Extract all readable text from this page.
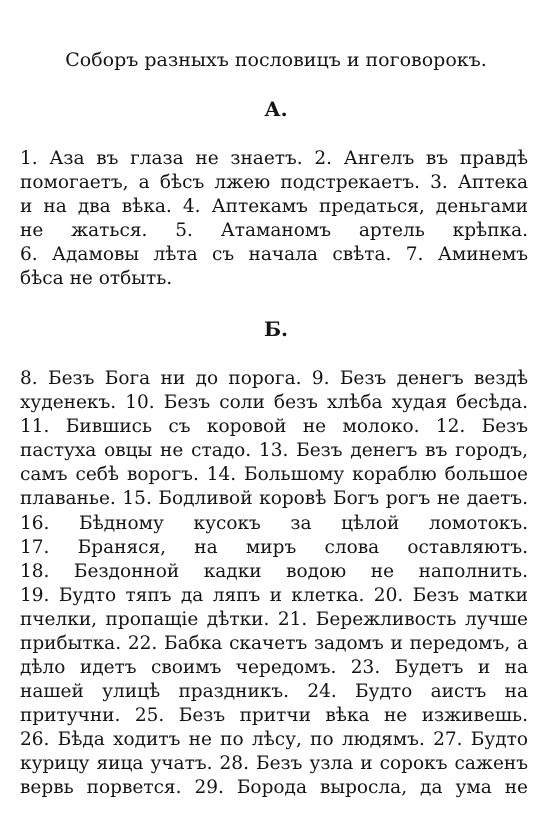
Соборъ разныхъ пословицъ и поговорокъ.
А.
1. Аза въ глаза не знаетъ. 2. Ангелъ въ правдѣ
помогаетъ, а бѣсъ лжею подстрекаетъ. 3. Аптека
и на два вѣка. 4. Аптекамъ предаться, деньгами
не жаться. 5. Атаманомъ артель крѣпка.
6. Адамовы лѣта съ начала свѣта. 7. Аминемъ
бѣса не отбыть.
Б.
8. Безъ Бога ни до порога. 9. Безъ денегъ вездѣ
худенекъ. 10. Безъ соли безъ хлѣба худая бесѣда.
11. Бившись съ коровой не молоко. 12. Безъ
пастуха овцы не стадо. 13. Безъ денегъ въ городъ,
самъ себѣ ворогъ. 14. Большому кораблю большое
плаванье. 15. Бодливой коровѣ Богъ рогъ не даетъ.
16. Бѣдному кусокъ за цѣлой ломотокъ.
17. Браняся, на миръ слова оставляютъ.
18. Бездонной кадки водою не наполнить.
19. Будто тяпъ да ляпъ и клетка. 20. Безъ матки
пчелки, пропащіе дѣтки. 21. Бережливость лучше
прибытка. 22. Бабка скачетъ задомъ и передомъ, а
дѣло идетъ своимъ чередомъ. 23. Будетъ и на
нашей улицѣ праздникъ. 24. Будто аистъ на
притучни. 25. Безъ притчи вѣка не изживешь.
26. Бѣда ходитъ не по лѣсу, по людямъ. 27. Будто
курицу яица учатъ. 28. Безъ узла и сорокъ саженъ
вервь порвется. 29. Борода выросла, да ума не
